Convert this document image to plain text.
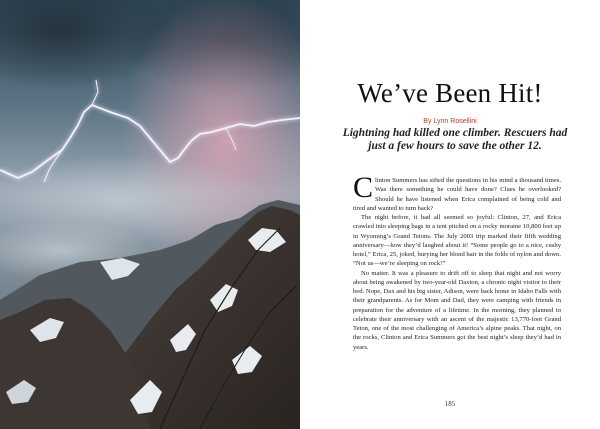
We’ve Been Hit!
By Lynn Rosellini

Lightning had killed one climber. Rescuers had just a few hours to save the other 12.

Clinton Summers has sifted the questions in his mind a thousand times. Was there something he could have done? Clues he overlooked? Should he have listened when Erica complained of being cold and tired and wanted to turn back?

The night before, it had all seemed so joyful: Clinton, 27, and Erica crawled into sleeping bags in a tent pitched on a rocky moraine 10,800 feet up in Wyoming’s Grand Tetons. The July 2003 trip marked their fifth wedding anniversary—how they’d laughed about it! “Some people go to a nice, cushy hotel,” Erica, 25, joked, burying her blond hair in the folds of nylon and down. “Not us—we’re sleeping on rock!”

No matter. It was a pleasure to drift off to sleep that night and not worry about being awakened by two-year-old Daxton, a chronic night visitor to their bed. Nope, Dax and his big sister, Adison, were back home in Idaho Falls with their grandparents. As for Mom and Dad, they were camping with friends in preparation for the adventure of a lifetime. In the morning, they planned to celebrate their anniversary with an ascent of the majestic 13,770-foot Grand Teton, one of the most challenging of America’s alpine peaks. That night, on the rocks, Clinton and Erica Summers got the best night’s sleep they’d had in years.

185
